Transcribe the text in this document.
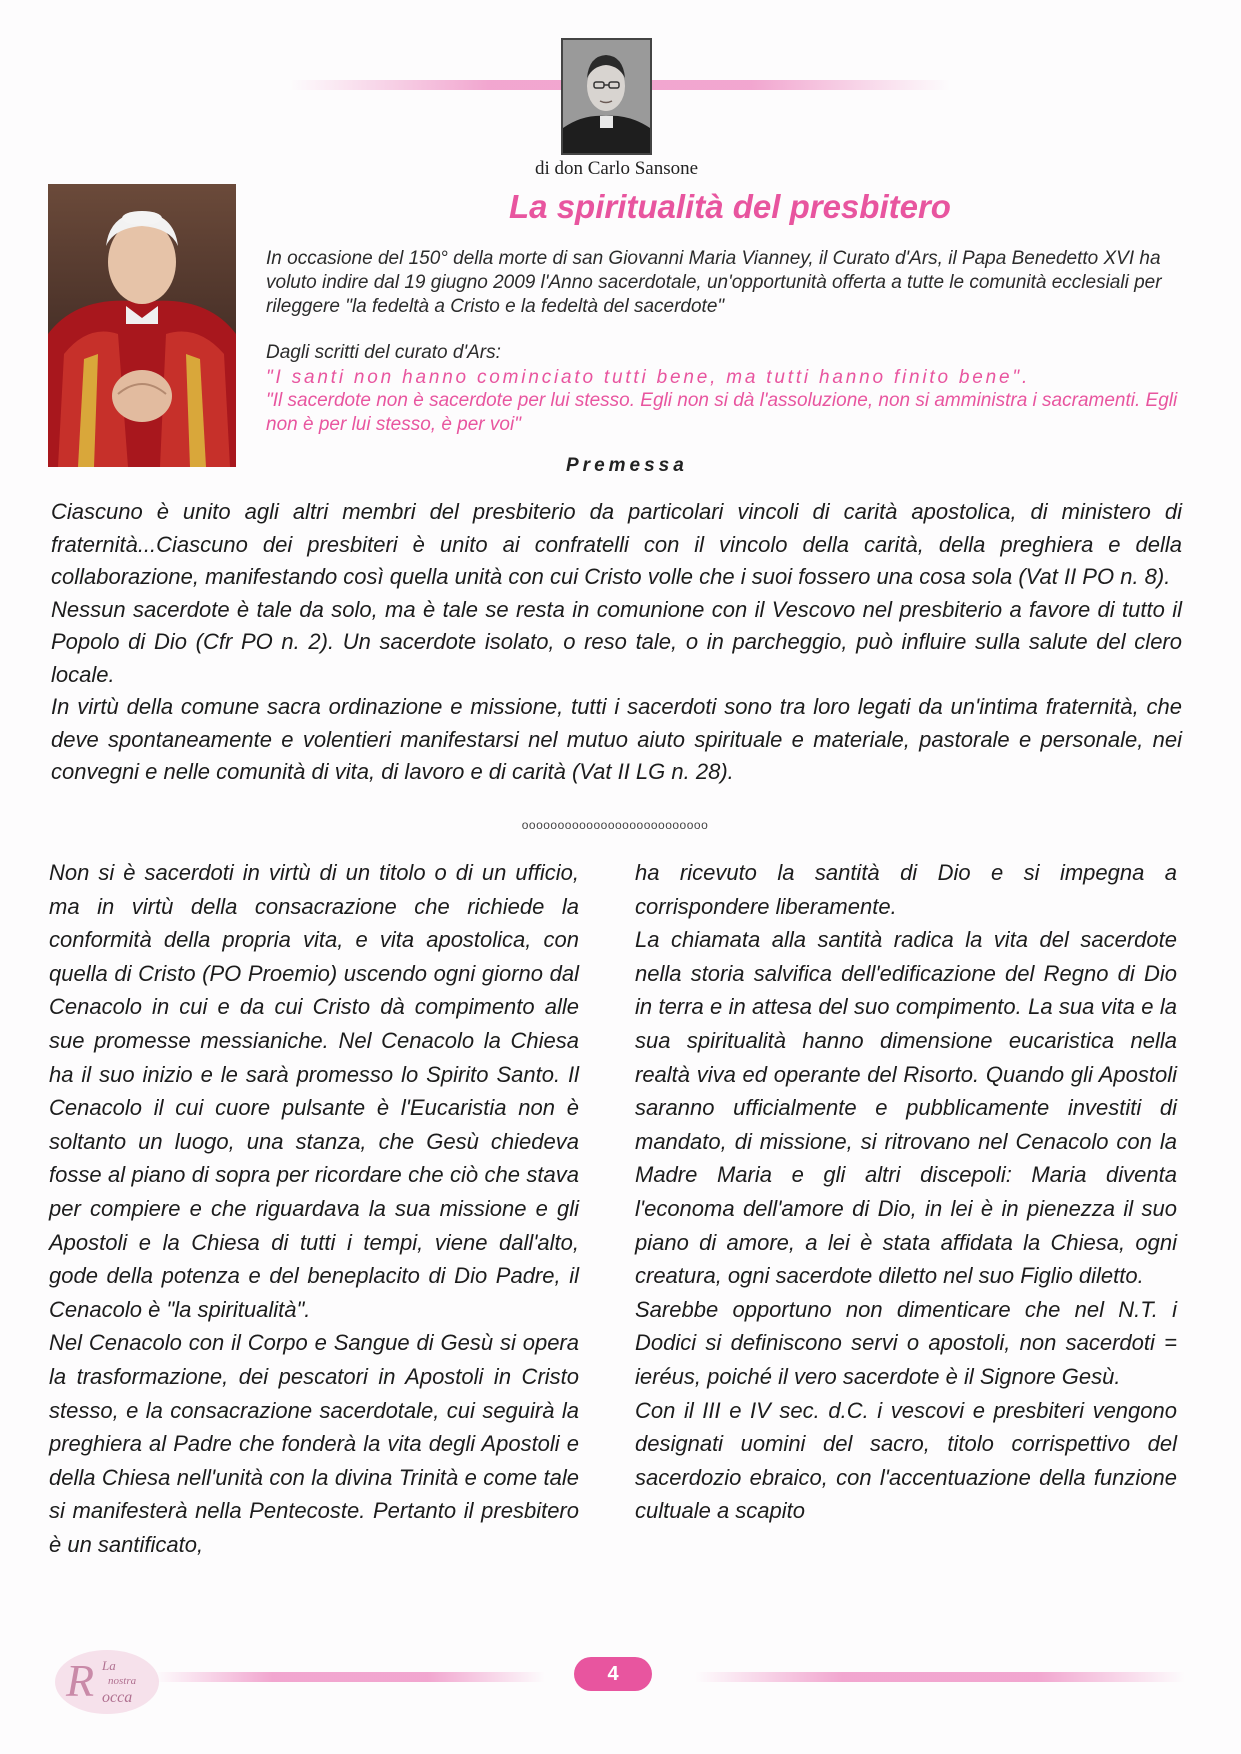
di don Carlo Sansone
La spiritualità del presbitero

In occasione del 150° della morte di san Giovanni Maria Vianney, il Curato d'Ars, il Papa Benedetto XVI ha voluto indire dal 19 giugno 2009 l'Anno sacerdotale, un'opportunità offerta a tutte le comunità ecclesiali per rileggere "la fedeltà a Cristo e la fedeltà del sacerdote"

Dagli scritti del curato d'Ars:

"I santi non hanno cominciato tutti bene, ma tutti hanno finito bene".

"Il sacerdote non è sacerdote per lui stesso. Egli non si dà l'assoluzione, non si amministra i sacramenti. Egli non è per lui stesso, è per voi"

Premessa

Ciascuno è unito agli altri membri del presbiterio da particolari vincoli di carità apostolica, di ministero di fraternità...Ciascuno dei presbiteri è unito ai confratelli con il vincolo della carità, della preghiera e della collaborazione, manifestando così quella unità con cui Cristo volle che i suoi fossero una cosa sola (Vat II PO n. 8).

Nessun sacerdote è tale da solo, ma è tale se resta in comunione con il Vescovo nel presbiterio a favore di tutto il Popolo di Dio (Cfr PO n. 2). Un sacerdote isolato, o reso tale, o in parcheggio, può influire sulla salute del clero locale.

In virtù della comune sacra ordinazione e missione, tutti i sacerdoti sono tra loro legati da un'intima fraternità, che deve spontaneamente e volentieri manifestarsi nel mutuo aiuto spirituale e materiale, pastorale e personale, nei convegni e nelle comunità di vita, di lavoro e di carità (Vat II LG n. 28).

oooooooooooooooooooooooooo

Non si è sacerdoti in virtù di un titolo o di un ufficio, ma in virtù della consacrazione che richiede la conformità della propria vita, e vita apostolica, con quella di Cristo (PO Proemio) uscendo ogni giorno dal Cenacolo in cui e da cui Cristo dà compimento alle sue promesse messianiche. Nel Cenacolo la Chiesa ha il suo inizio e le sarà promesso lo Spirito Santo. Il Cenacolo il cui cuore pulsante è l'Eucaristia non è soltanto un luogo, una stanza, che Gesù chiedeva fosse al piano di sopra per ricordare che ciò che stava per compiere e che riguardava la sua missione e gli Apostoli e la Chiesa di tutti i tempi, viene dall'alto, gode della potenza e del beneplacito di Dio Padre, il Cenacolo è "la spiritualità".

Nel Cenacolo con il Corpo e Sangue di Gesù si opera la trasformazione, dei pescatori in Apostoli in Cristo stesso, e la consacrazione sacerdotale, cui seguirà la preghiera al Padre che fonderà la vita degli Apostoli e della Chiesa nell'unità con la divina Trinità e come tale si manifesterà nella Pentecoste. Pertanto il presbitero è un santificato,

ha ricevuto la santità di Dio e si impegna a corrispondere liberamente.

La chiamata alla santità radica la vita del sacerdote nella storia salvifica dell'edificazione del Regno di Dio in terra e in attesa del suo compimento. La sua vita e la sua spiritualità hanno dimensione eucaristica nella realtà viva ed operante del Risorto. Quando gli Apostoli saranno ufficialmente e pubblicamente investiti di mandato, di missione, si ritrovano nel Cenacolo con la Madre Maria e gli altri discepoli: Maria diventa l'economa dell'amore di Dio, in lei è in pienezza il suo piano di amore, a lei è stata affidata la Chiesa, ogni creatura, ogni sacerdote diletto nel suo Figlio diletto.

Sarebbe opportuno non dimenticare che nel N.T. i Dodici si definiscono servi o apostoli, non sacerdoti = ieréus, poiché il vero sacerdote è il Signore Gesù.

Con il III e IV sec. d.C. i vescovi e presbiteri vengono designati uomini del sacro, titolo corrispettivo del sacerdozio ebraico, con l'accentuazione della funzione cultuale a scapito

R La
nostra
occa
4
